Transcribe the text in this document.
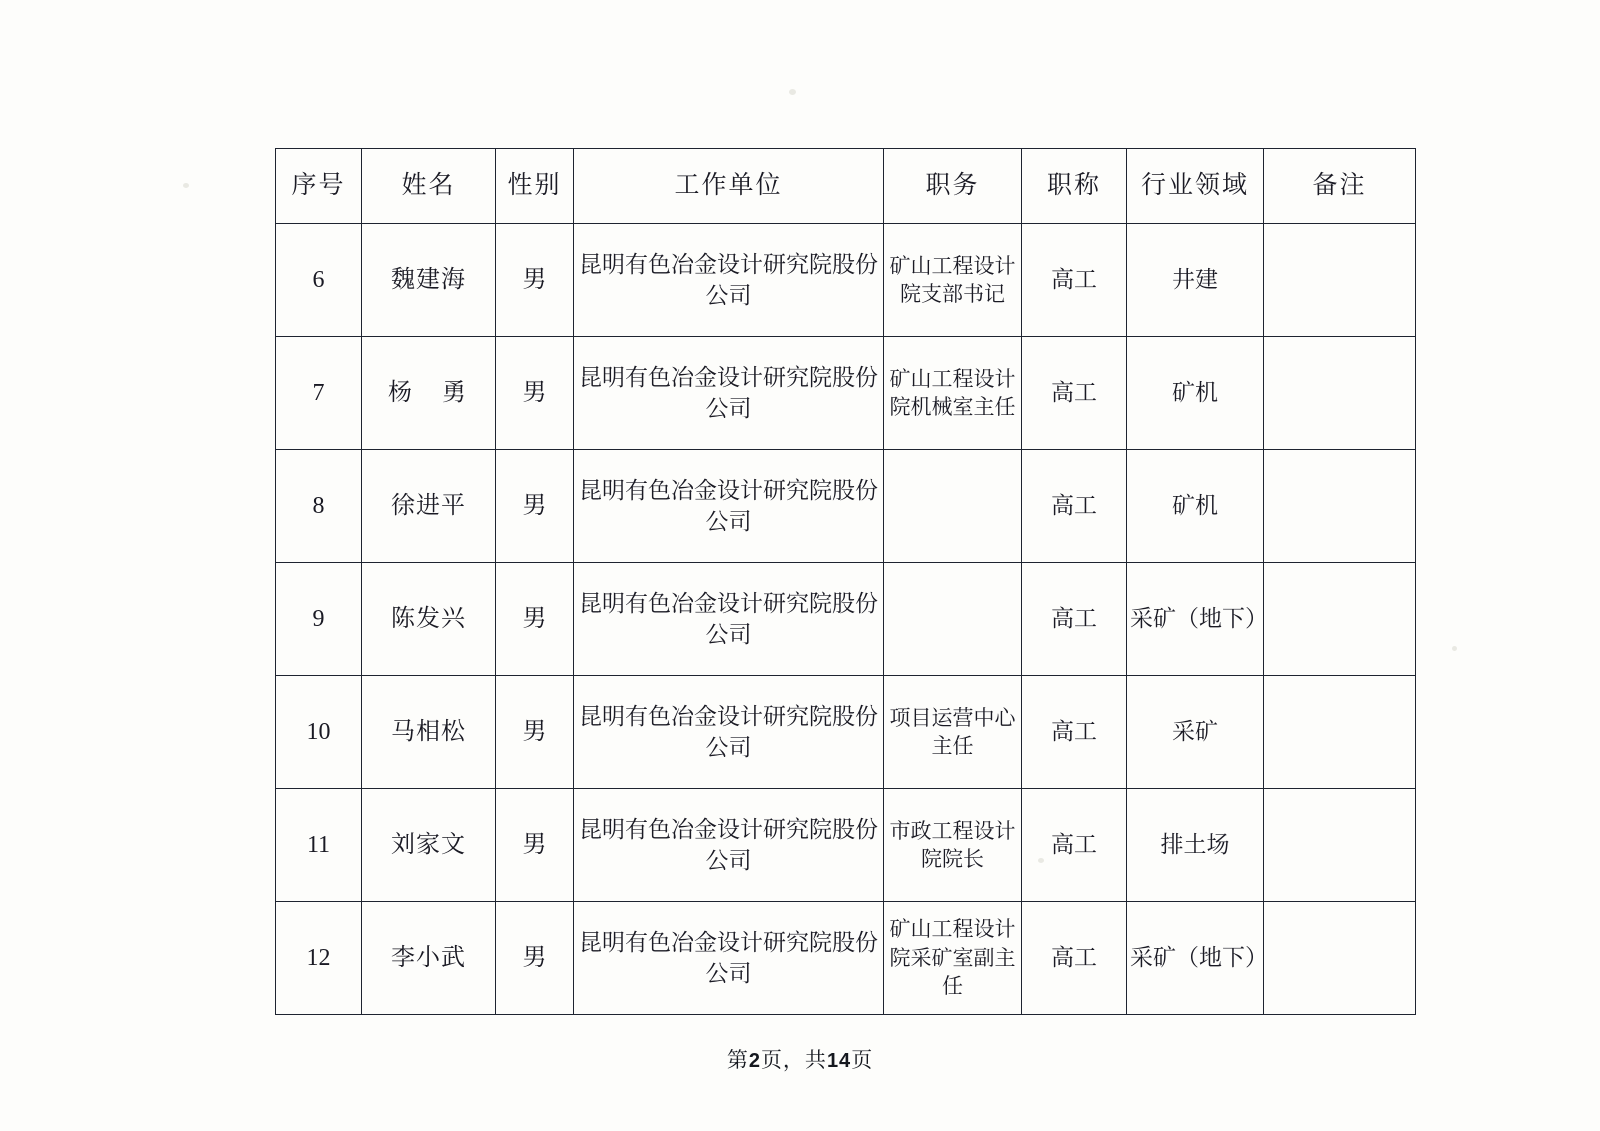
序号	姓名	性别	工作单位	职务	职称	行业领域	备注
6	魏建海	男	昆明有色冶金设计研究院股份公司	矿山工程设计院支部书记	高工	井建	
7	杨 勇	男	昆明有色冶金设计研究院股份公司	矿山工程设计院机械室主任	高工	矿机	
8	徐进平	男	昆明有色冶金设计研究院股份公司		高工	矿机	
9	陈发兴	男	昆明有色冶金设计研究院股份公司		高工	采矿（地下）	
10	马相松	男	昆明有色冶金设计研究院股份公司	项目运营中心主任	高工	采矿	
11	刘家文	男	昆明有色冶金设计研究院股份公司	市政工程设计院院长	高工	排土场	
12	李小武	男	昆明有色冶金设计研究院股份公司	矿山工程设计院采矿室副主任	高工	采矿（地下）	
第2页，共14页
